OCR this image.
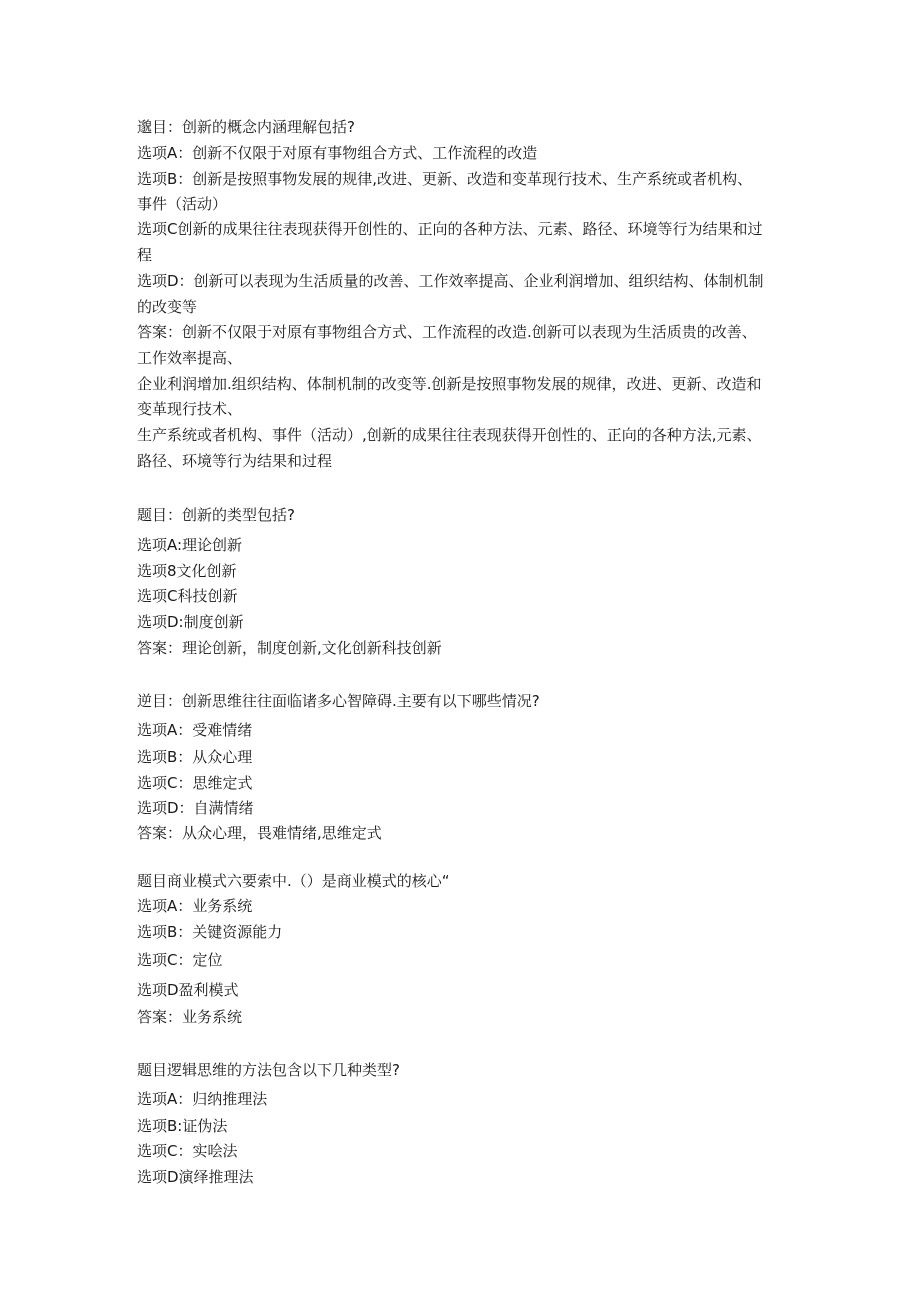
邈目：创新的概念内涵理解包括?
选项A：创新不仅限于对原有事物组合方式、工作流程的改造
选项B：创新是按照事物发展的规律,改进、更新、改造和变革现行技术、生产系统或者机构、
事件（活动）
选项C创新的成果往往表现获得开创性的、正向的各种方法、元素、路径、环境等行为结果和过
程
选项D：创新可以表现为生活质量的改善、工作效率提高、企业利润增加、组织结构、体制机制
的改变等
答案：创新不仅限于对原有事物组合方式、工作流程的改造.创新可以表现为生活质贵的改善、
工作效率提高、
企业利润增加.组织结构、体制机制的改变等.创新是按照事物发展的规律，改进、更新、改造和
变革现行技术、
生产系统或者机构、事件（活动）,创新的成果往往表现获得开创性的、正向的各种方法,元素、
路径、环境等行为结果和过程
题目：创新的类型包括?
选项A:理论创新
选项8文化创新
选项C科技创新
选项D:制度创新
答案：理论创新，制度创新,文化创新科技创新
逆目：创新思维往往面临诸多心智障碍.主要有以下哪些情况?
选项A：受难情绪
选项B：从众心理
选项C：思维定式
选项D：自满情绪
答案：从众心理，畏难情绪,思维定式
题目商业模式六要索中.（）是商业模式的核心“
选项A：业务系统
选项B：关键资源能力
选项C：定位
选项D盈利模式
答案：业务系统
题目逻辑思维的方法包含以下几种类型?
选项A：归纳推理法
选项B:证伪法
选项C：实哙法
选项D演绎推理法
